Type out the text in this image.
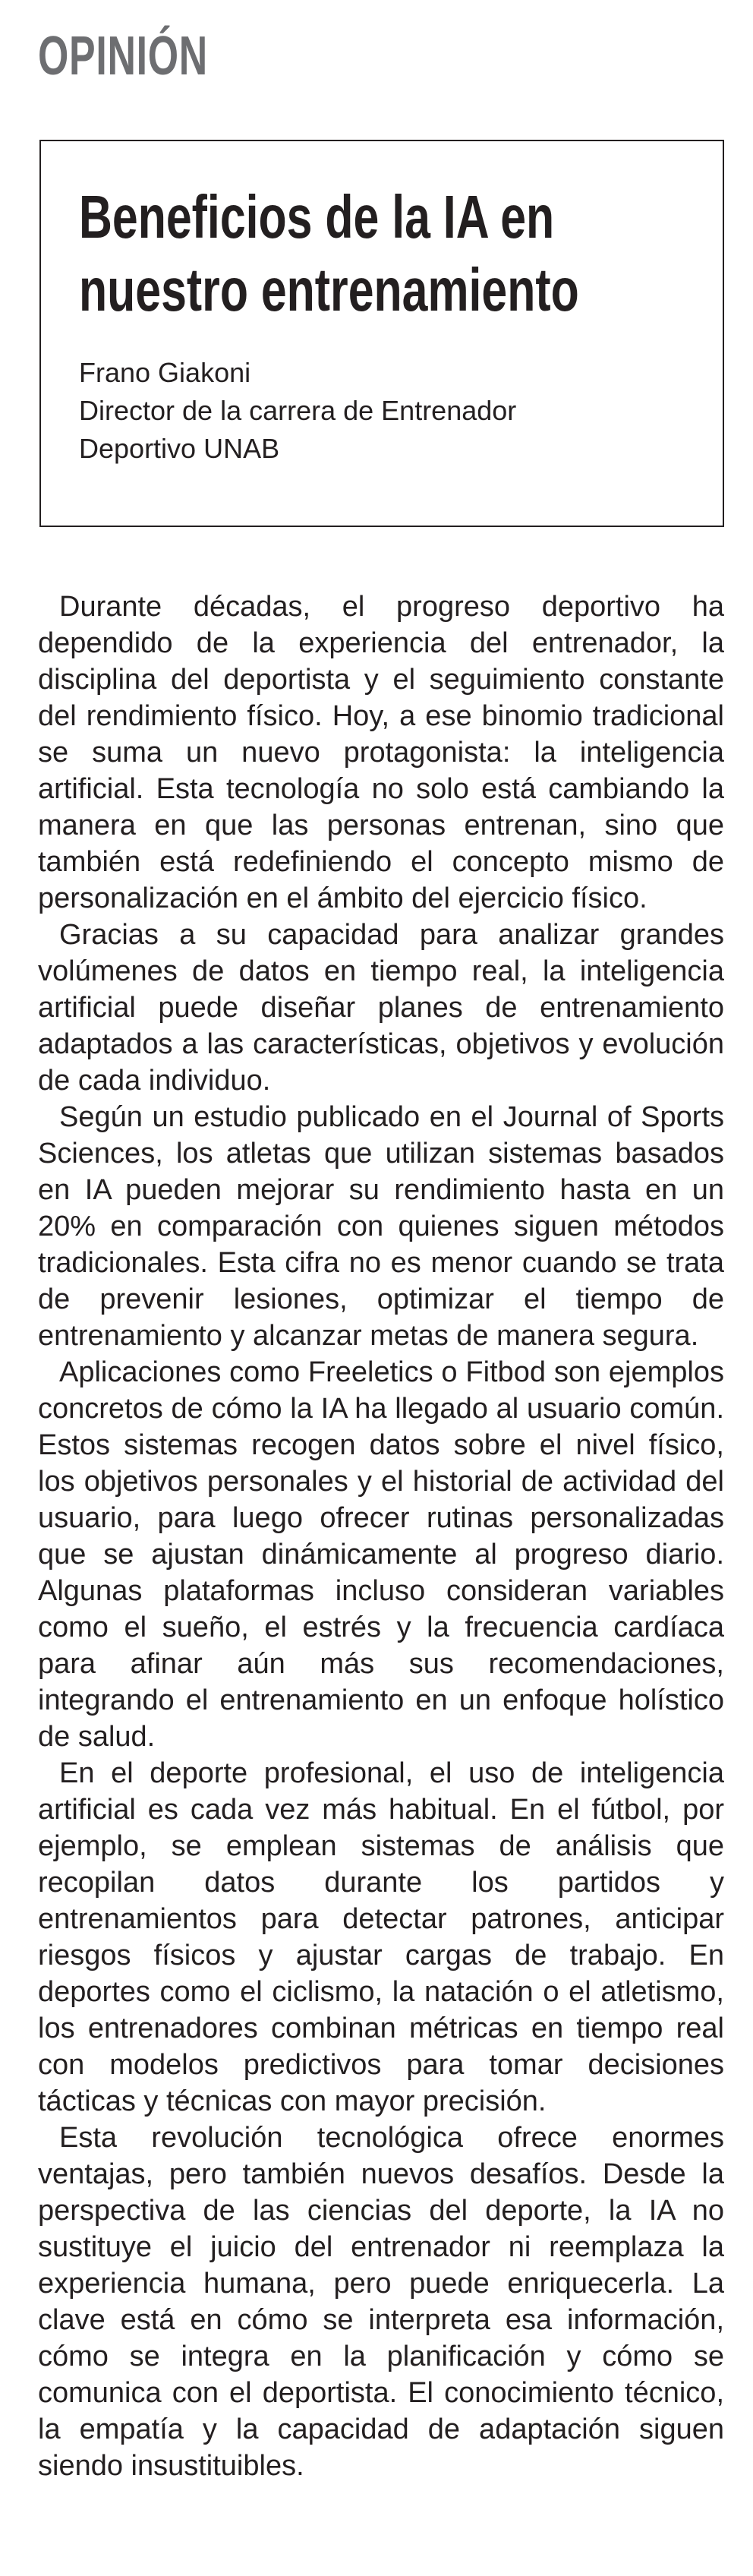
OPINIÓN
Beneficios de la IA en nuestro entrenamiento
Frano Giakoni
Director de la carrera de Entrenador
Deportivo UNAB

Durante décadas, el progreso deportivo ha dependido de la experiencia del entrenador, la disciplina del deportista y el seguimiento constante del rendimiento físico. Hoy, a ese binomio tradicional se suma un nuevo protagonista: la inteligencia artificial. Esta tecnología no solo está cambiando la manera en que las personas entrenan, sino que también está redefiniendo el concepto mismo de personalización en el ámbito del ejercicio físico.

Gracias a su capacidad para analizar grandes volúmenes de datos en tiempo real, la inteligencia artificial puede diseñar planes de entrenamiento adaptados a las características, objetivos y evolución de cada individuo.

Según un estudio publicado en el Journal of Sports Sciences, los atletas que utilizan sistemas basados en IA pueden mejorar su rendimiento hasta en un 20% en comparación con quienes siguen métodos tradicionales. Esta cifra no es menor cuando se trata de prevenir lesiones, optimizar el tiempo de entrenamiento y alcanzar metas de manera segura.

Aplicaciones como Freeletics o Fitbod son ejemplos concretos de cómo la IA ha llegado al usuario común. Estos sistemas recogen datos sobre el nivel físico, los objetivos personales y el historial de actividad del usuario, para luego ofrecer rutinas personalizadas que se ajustan dinámicamente al progreso diario. Algunas plataformas incluso consideran variables como el sueño, el estrés y la frecuencia cardíaca para afinar aún más sus recomendaciones, integrando el entrenamiento en un enfoque holístico de salud.

En el deporte profesional, el uso de inteligencia artificial es cada vez más habitual. En el fútbol, por ejemplo, se emplean sistemas de análisis que recopilan datos durante los partidos y entrenamientos para detectar patrones, anticipar riesgos físicos y ajustar cargas de trabajo. En deportes como el ciclismo, la natación o el atletismo, los entrenadores combinan métricas en tiempo real con modelos predictivos para tomar decisiones tácticas y técnicas con mayor precisión.

Esta revolución tecnológica ofrece enormes ventajas, pero también nuevos desafíos. Desde la perspectiva de las ciencias del deporte, la IA no sustituye el juicio del entrenador ni reemplaza la experiencia humana, pero puede enriquecerla. La clave está en cómo se interpreta esa información, cómo se integra en la planificación y cómo se comunica con el deportista. El conocimiento técnico, la empatía y la capacidad de adaptación siguen siendo insustituibles.
